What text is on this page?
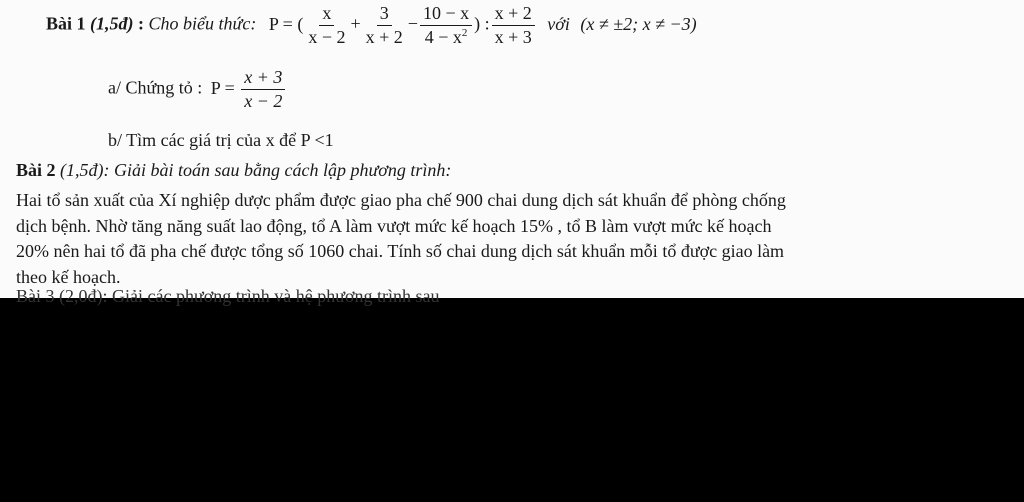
Bài 1 (1,5đ) : Cho biểu thức: P = ( $\frac{x}{x - 2} + \frac{3}{x + 2} - \frac{10 - x}{4 - x^2}$ ) : $\frac{x + 2}{x + 3}$ với (x ≠ ±2; x ≠ −3)
a/ Chứng tỏ : $P = \frac{x + 3}{x - 2}$
b/ Tìm các giá trị của x để P <1
Bài 2 (1,5đ): Giải bài toán sau bằng cách lập phương trình:
Hai tổ sản xuất của Xí nghiệp dược phẩm được giao pha chế 900 chai dung dịch sát khuẩn để phòng chống
dịch bệnh. Nhờ tăng năng suất lao động, tổ A làm vượt mức kế hoạch 15% , tổ B làm vượt mức kế hoạch
20% nên hai tổ đã pha chế được tổng số 1060 chai. Tính số chai dung dịch sát khuẩn mỗi tổ được giao làm
theo kế hoạch.
Bài 3 (2,0đ): Giải các phương trình và hệ phương trình sau
